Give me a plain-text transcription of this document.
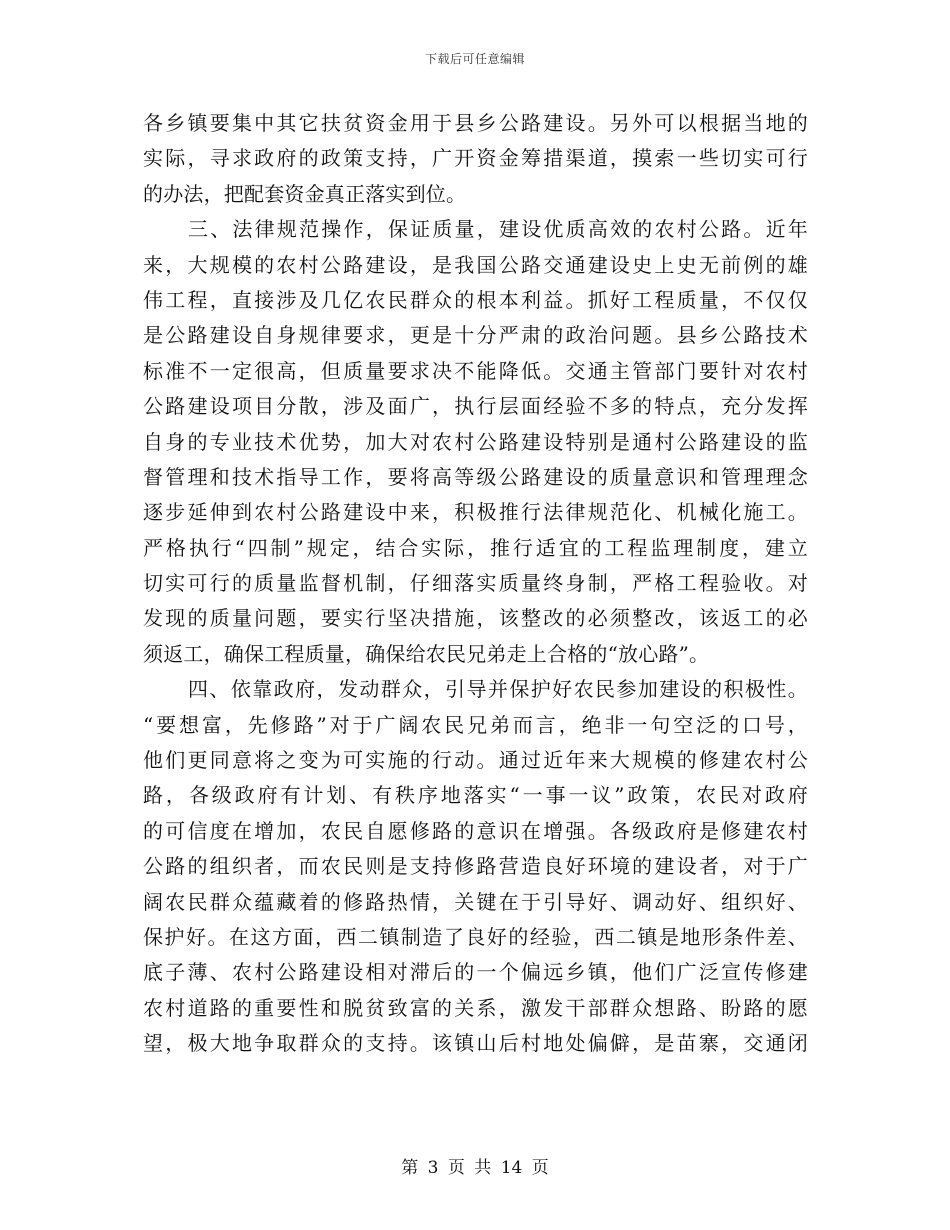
下载后可任意编辑
各乡镇要集中其它扶贫资金用于县乡公路建设。另外可以根据当地的
实际，寻求政府的政策支持，广开资金筹措渠道，摸索一些切实可行
的办法，把配套资金真正落实到位。
三、法律规范操作，保证质量，建设优质高效的农村公路。近年
来，大规模的农村公路建设，是我国公路交通建设史上史无前例的雄
伟工程，直接涉及几亿农民群众的根本利益。抓好工程质量，不仅仅
是公路建设自身规律要求，更是十分严肃的政治问题。县乡公路技术
标准不一定很高，但质量要求决不能降低。交通主管部门要针对农村
公路建设项目分散，涉及面广，执行层面经验不多的特点，充分发挥
自身的专业技术优势，加大对农村公路建设特别是通村公路建设的监
督管理和技术指导工作，要将高等级公路建设的质量意识和管理理念
逐步延伸到农村公路建设中来，积极推行法律规范化、机械化施工。
严格执行“四制”规定，结合实际，推行适宜的工程监理制度，建立
切实可行的质量监督机制，仔细落实质量终身制，严格工程验收。对
发现的质量问题，要实行坚决措施，该整改的必须整改，该返工的必
须返工，确保工程质量，确保给农民兄弟走上合格的“放心路”。
四、依靠政府，发动群众，引导并保护好农民参加建设的积极性。
“要想富，先修路”对于广阔农民兄弟而言，绝非一句空泛的口号，
他们更同意将之变为可实施的行动。通过近年来大规模的修建农村公
路，各级政府有计划、有秩序地落实“一事一议”政策，农民对政府
的可信度在增加，农民自愿修路的意识在增强。各级政府是修建农村
公路的组织者，而农民则是支持修路营造良好环境的建设者，对于广
阔农民群众蕴藏着的修路热情，关键在于引导好、调动好、组织好、
保护好。在这方面，西二镇制造了良好的经验，西二镇是地形条件差、
底子薄、农村公路建设相对滞后的一个偏远乡镇，他们广泛宣传修建
农村道路的重要性和脱贫致富的关系，激发干部群众想路、盼路的愿
望，极大地争取群众的支持。该镇山后村地处偏僻，是苗寨，交通闭
第 3 页 共 14 页
